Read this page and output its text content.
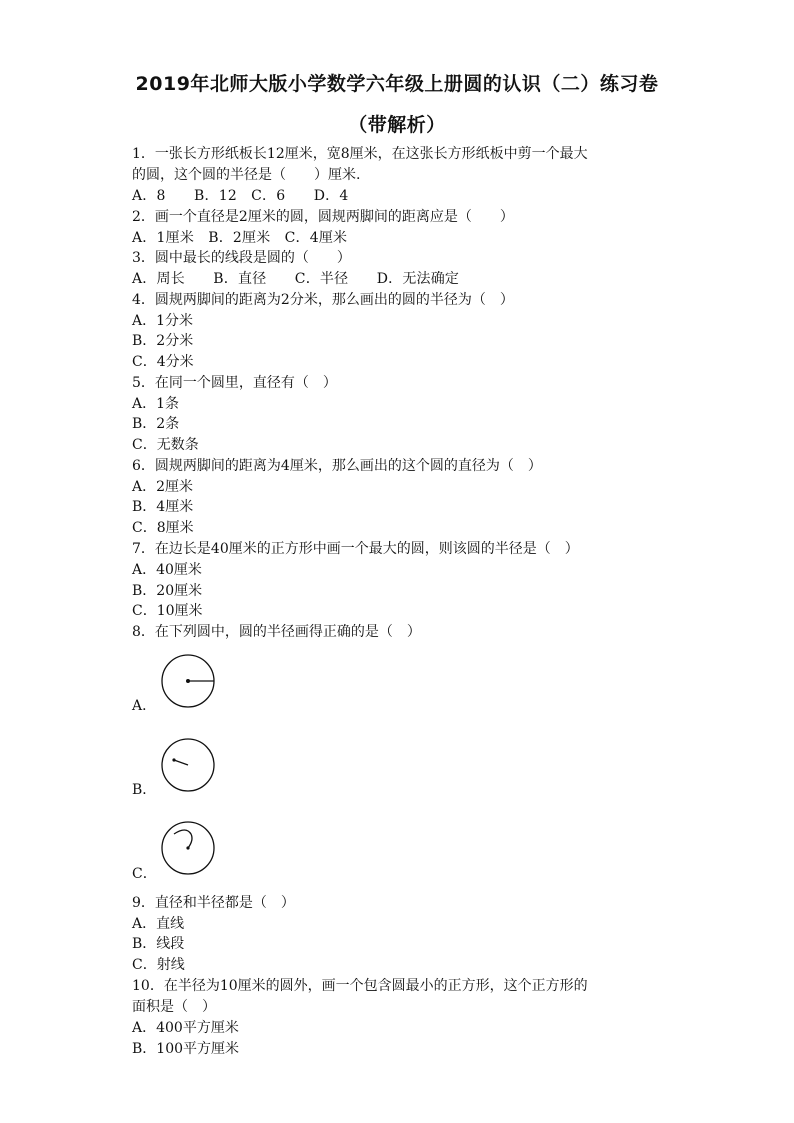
2019年北师大版小学数学六年级上册圆的认识（二）练习卷
（带解析）
1．一张长方形纸板长12厘米，宽8厘米，在这张长方形纸板中剪一个最大
的圆，这个圆的半径是（　　）厘米.
A．8　　B．12　C．6　　D．4
2．画一个直径是2厘米的圆，圆规两脚间的距离应是（　　）
A．1厘米　B．2厘米　C．4厘米
3．圆中最长的线段是圆的（　　）
A．周长　　B．直径　　C．半径　　D．无法确定
4．圆规两脚间的距离为2分米，那么画出的圆的半径为（　）
A．1分米
B．2分米
C．4分米
5．在同一个圆里，直径有（　）
A．1条
B．2条
C．无数条
6．圆规两脚间的距离为4厘米，那么画出的这个圆的直径为（　）
A．2厘米
B．4厘米
C．8厘米
7．在边长是40厘米的正方形中画一个最大的圆，则该圆的半径是（　）
A．40厘米
B．20厘米
C．10厘米
8．在下列圆中，圆的半径画得正确的是（　）
A．
B．
C．
9．直径和半径都是（　）
A．直线
B．线段
C．射线
10．在半径为10厘米的圆外，画一个包含圆最小的正方形，这个正方形的
面积是（　）
A．400平方厘米
B．100平方厘米
